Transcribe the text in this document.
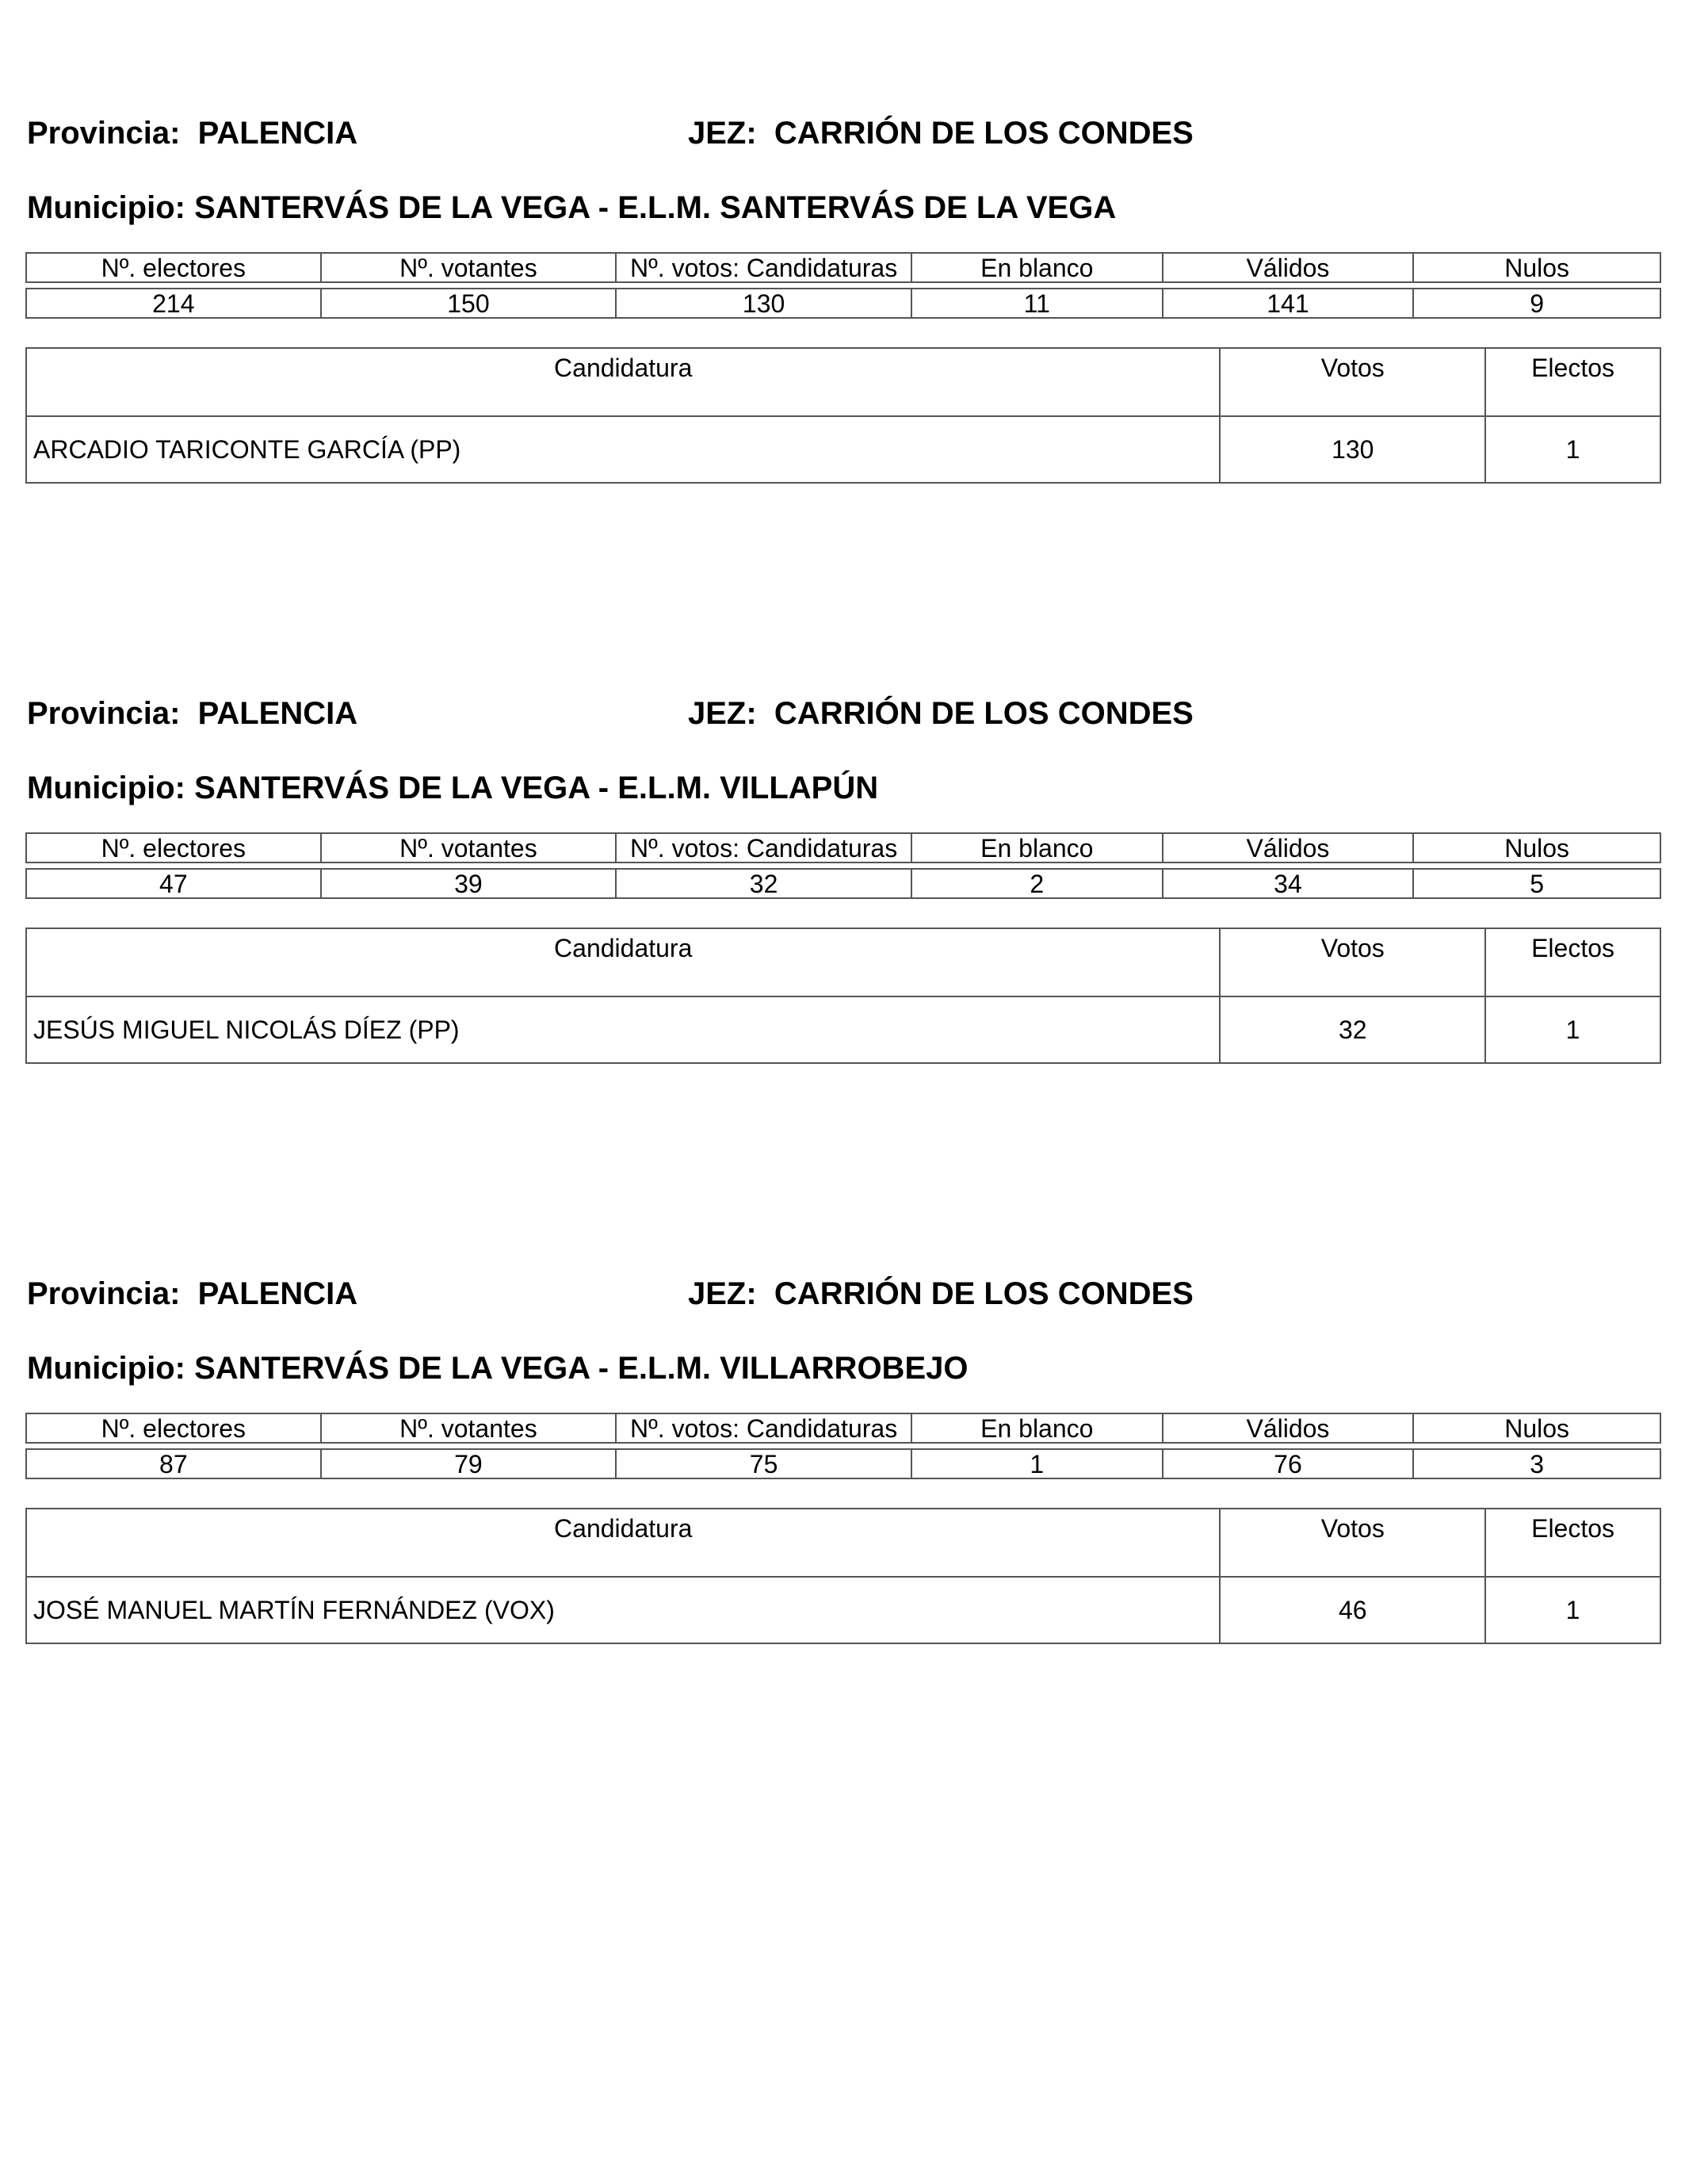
Provincia: PALENCIA	JEZ: CARRIÓN DE LOS CONDES
Municipio: SANTERVÁS DE LA VEGA - E.L.M. SANTERVÁS DE LA VEGA
Nº. electores	Nº. votantes	Nº. votos: Candidaturas	En blanco	Válidos	Nulos

214	150	130	11	141	9
Candidatura	Votos	Electos
ARCADIO TARICONTE GARCÍA (PP)	130	1
Provincia: PALENCIA	JEZ: CARRIÓN DE LOS CONDES
Municipio: SANTERVÁS DE LA VEGA - E.L.M. VILLAPÚN
Nº. electores	Nº. votantes	Nº. votos: Candidaturas	En blanco	Válidos	Nulos

47	39	32	2	34	5
Candidatura	Votos	Electos
JESÚS MIGUEL NICOLÁS DÍEZ (PP)	32	1
Provincia: PALENCIA	JEZ: CARRIÓN DE LOS CONDES
Municipio: SANTERVÁS DE LA VEGA - E.L.M. VILLARROBEJO
Nº. electores	Nº. votantes	Nº. votos: Candidaturas	En blanco	Válidos	Nulos

87	79	75	1	76	3
Candidatura	Votos	Electos
JOSÉ MANUEL MARTÍN FERNÁNDEZ (VOX)	46	1
